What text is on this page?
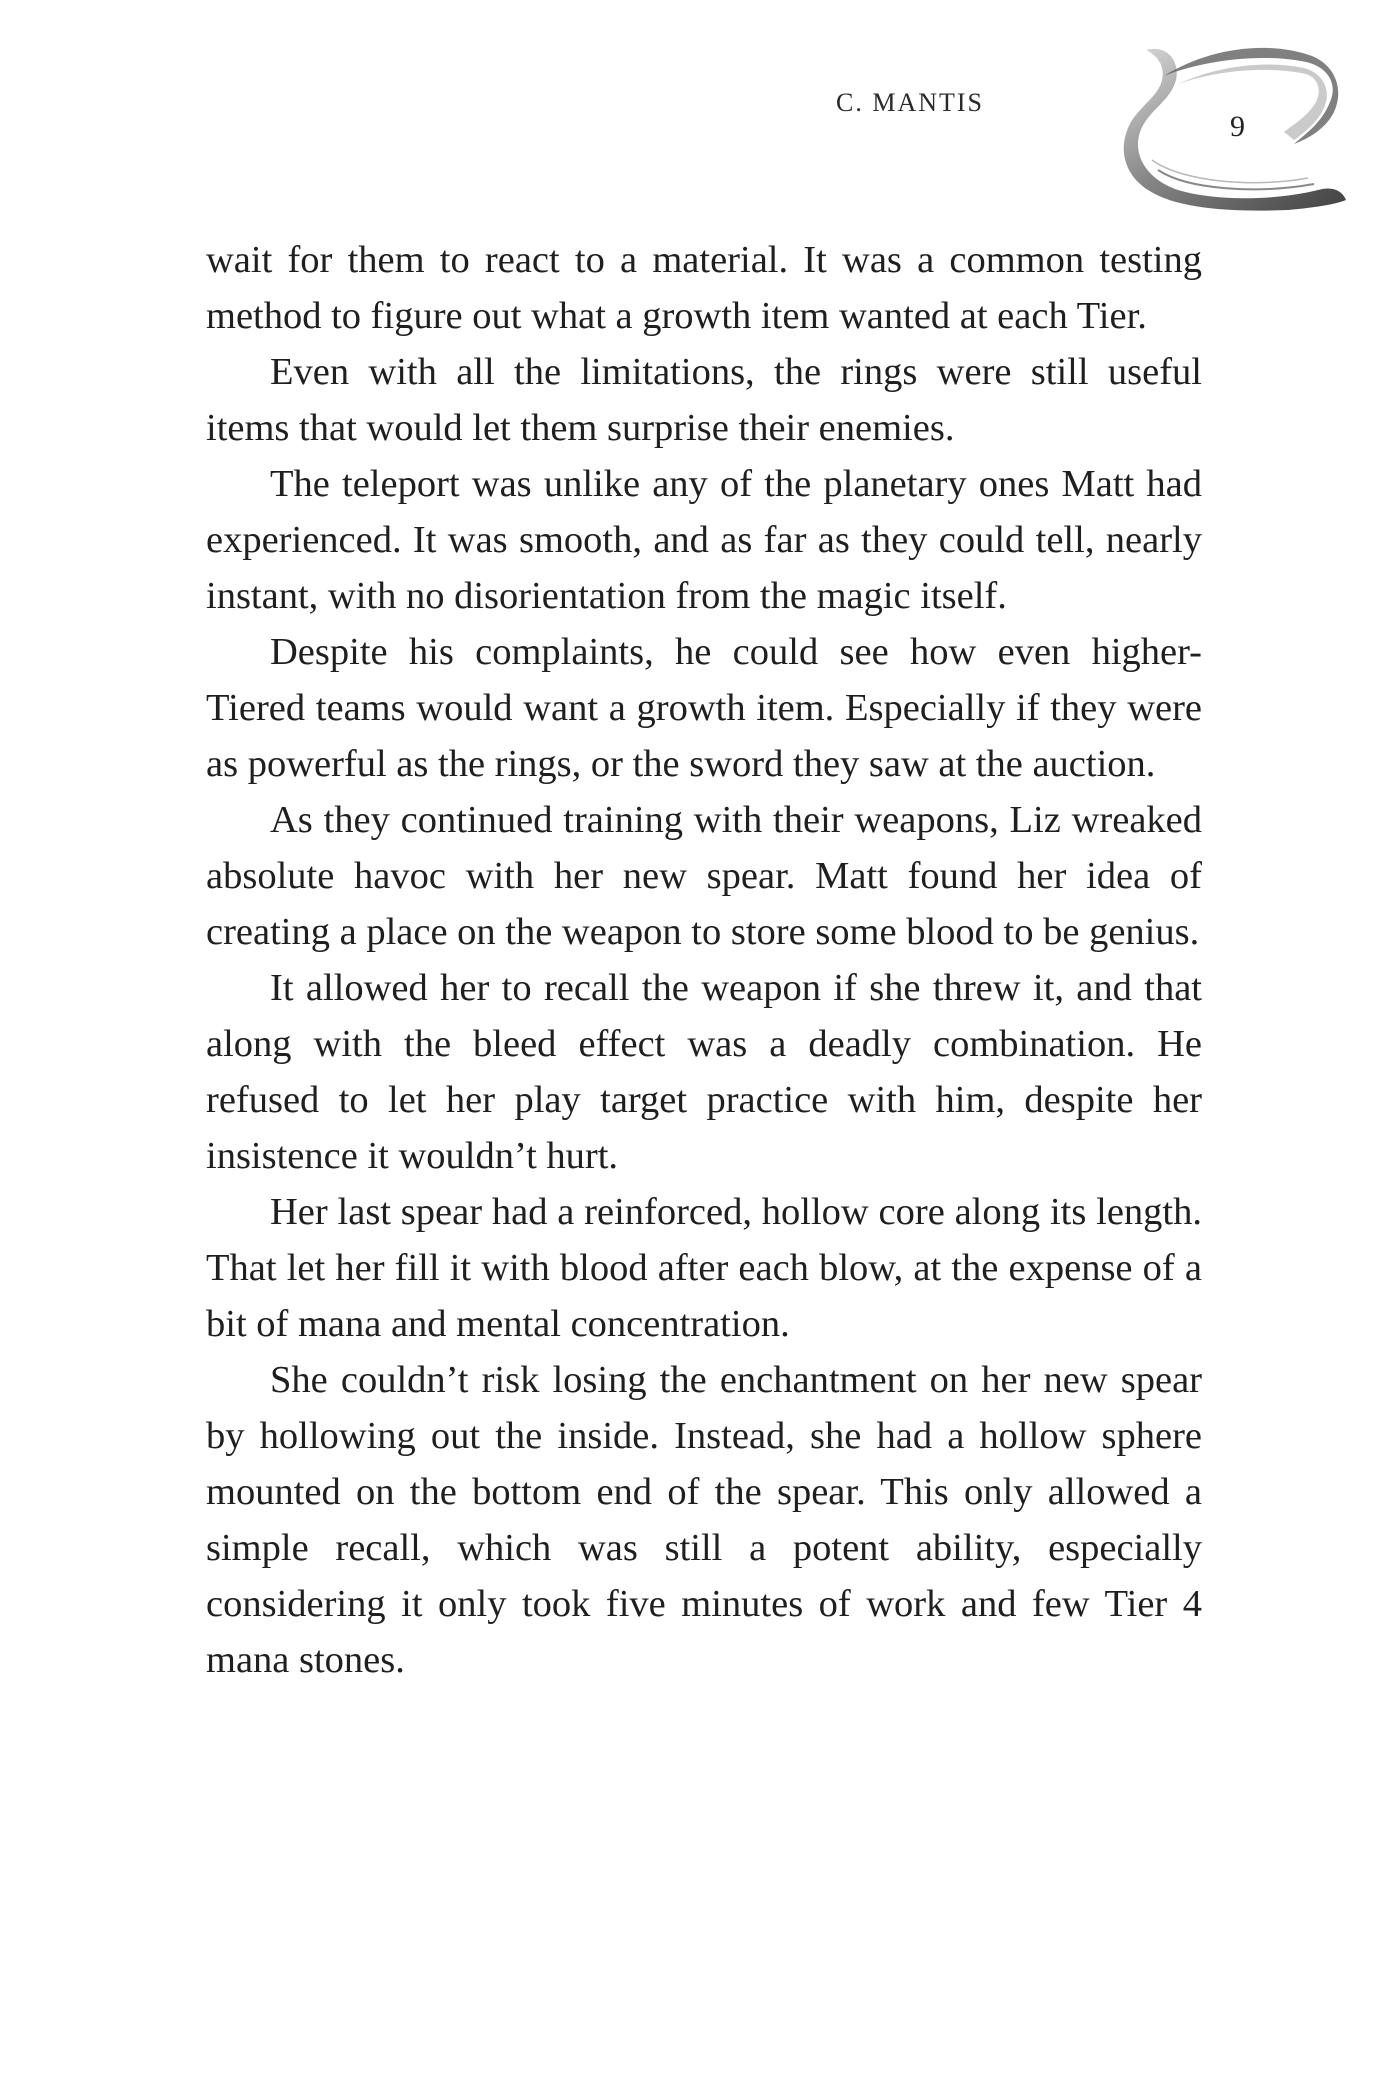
C. MANTIS
9

wait for them to react to a material. It was a common testing method to figure out what a growth item wanted at each Tier.

Even with all the limitations, the rings were still useful items that would let them surprise their enemies.

The teleport was unlike any of the planetary ones Matt had experienced. It was smooth, and as far as they could tell, nearly instant, with no disorientation from the magic itself.

Despite his complaints, he could see how even higher-Tiered teams would want a growth item. Especially if they were as powerful as the rings, or the sword they saw at the auction.

As they continued training with their weapons, Liz wreaked absolute havoc with her new spear. Matt found her idea of creating a place on the weapon to store some blood to be genius.

It allowed her to recall the weapon if she threw it, and that along with the bleed effect was a deadly combination. He refused to let her play target practice with him, despite her insistence it wouldn’t hurt.

Her last spear had a reinforced, hollow core along its length. That let her fill it with blood after each blow, at the expense of a bit of mana and mental concentration.

She couldn’t risk losing the enchantment on her new spear by hollowing out the inside. Instead, she had a hollow sphere mounted on the bottom end of the spear. This only allowed a simple recall, which was still a potent ability, especially considering it only took five minutes of work and few Tier 4 mana stones.
